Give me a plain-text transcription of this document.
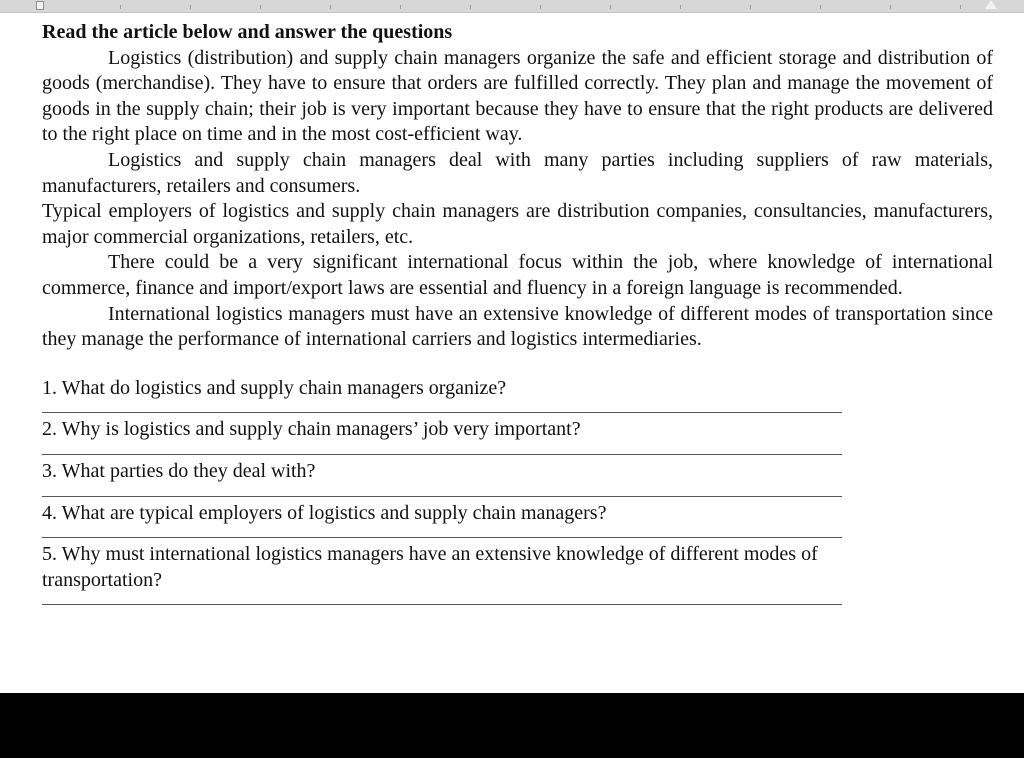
Read the article below and answer the questions

Logistics (distribution) and supply chain managers organize the safe and efficient storage and distribution of goods (merchandise). They have to ensure that orders are fulfilled correctly. They plan and manage the movement of goods in the supply chain; their job is very important because they have to ensure that the right products are delivered to the right place on time and in the most cost-efficient way.

Logistics and supply chain managers deal with many parties including suppliers of raw materials, manufacturers, retailers and consumers.

Typical employers of logistics and supply chain managers are distribution companies, consultancies, manufacturers, major commercial organizations, retailers, etc.

There could be a very significant international focus within the job, where knowledge of international commerce, finance and import/export laws are essential and fluency in a foreign language is recommended.

International logistics managers must have an extensive knowledge of different modes of transportation since they manage the performance of international carriers and logistics intermediaries.

1. What do logistics and supply chain managers organize?

2. Why is logistics and supply chain managers’ job very important?

3. What parties do they deal with?

4. What are typical employers of logistics and supply chain managers?

5. Why must international logistics managers have an extensive knowledge of different modes of transportation?
